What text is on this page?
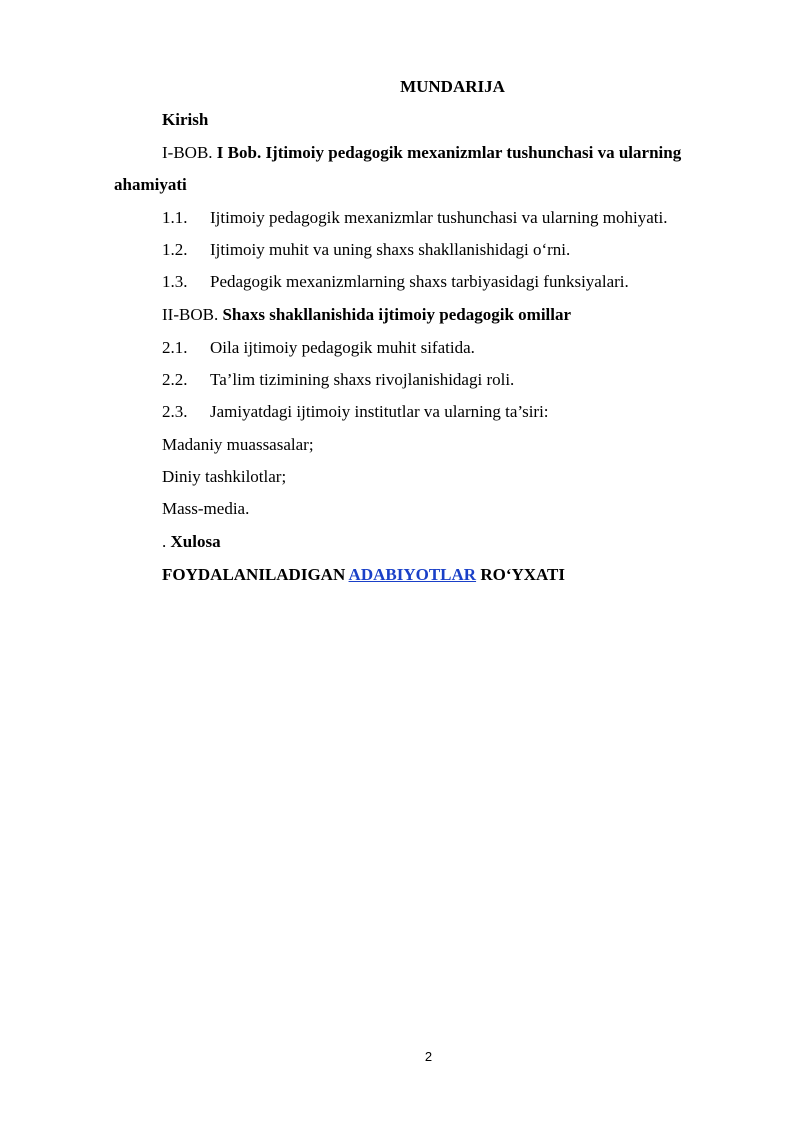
MUNDARIJA
Kirish
I-BOB. I Bob. Ijtimoiy pedagogik mexanizmlar tushunchasi va ularning
ahamiyati
1.1. Ijtimoiy pedagogik mexanizmlar tushunchasi va ularning mohiyati.
1.2. Ijtimoiy muhit va uning shaxs shakllanishidagi o‘rni.
1.3. Pedagogik mexanizmlarning shaxs tarbiyasidagi funksiyalari.
II-BOB. Shaxs shakllanishida ijtimoiy pedagogik omillar
2.1. Oila ijtimoiy pedagogik muhit sifatida.
2.2. Ta’lim tizimining shaxs rivojlanishidagi roli.
2.3. Jamiyatdagi ijtimoiy institutlar va ularning ta’siri:
Madaniy muassasalar;
Diniy tashkilotlar;
Mass-media.
. Xulosa
FOYDALANILADIGAN ADABIYOTLAR RO‘YXATI
2
